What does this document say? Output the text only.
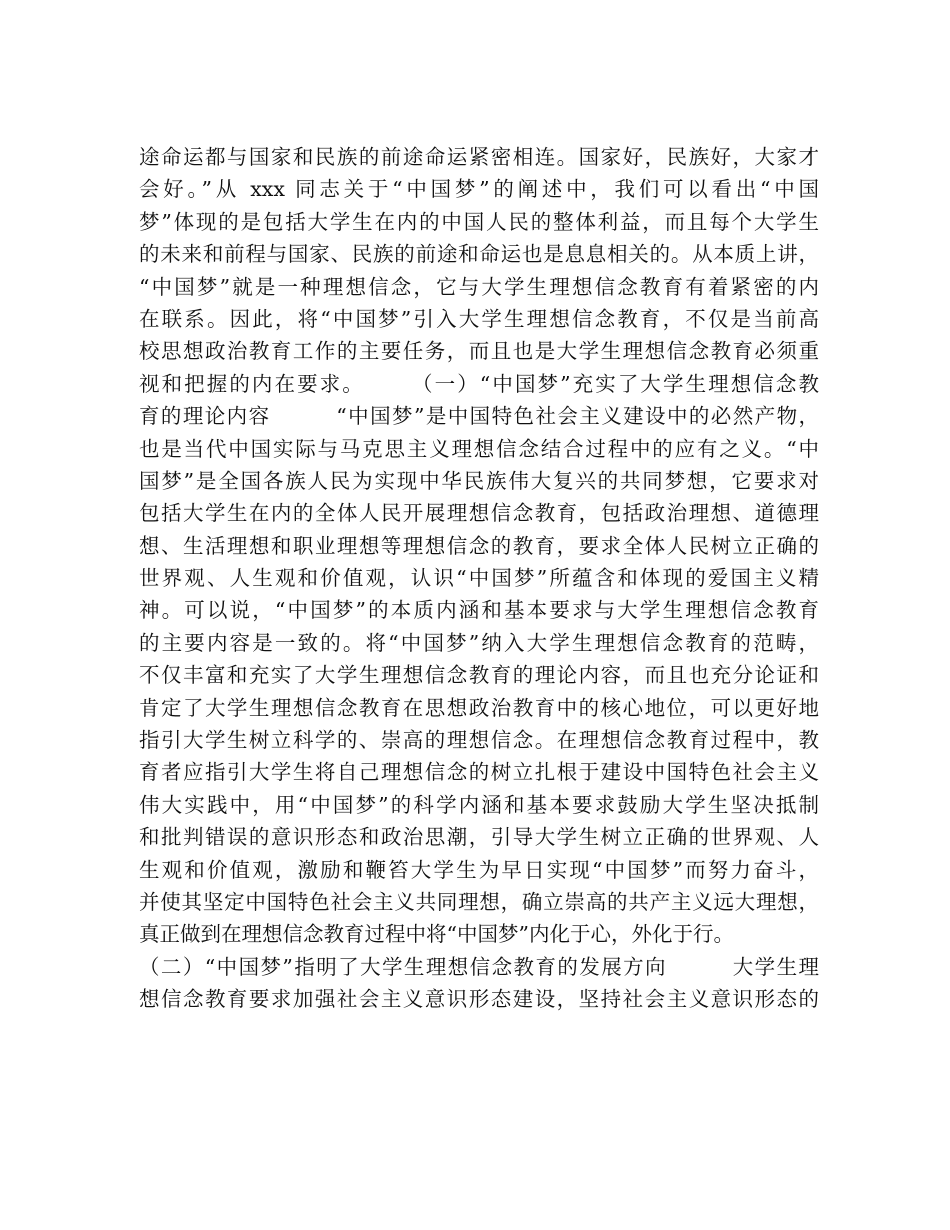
途命运都与国家和民族的前途命运紧密相连。国家好，民族好，大家才
会好。”从 xxx 同志关于“中国梦”的阐述中，我们可以看出“中国
梦”体现的是包括大学生在内的中国人民的整体利益，而且每个大学生
的未来和前程与国家、民族的前途和命运也是息息相关的。从本质上讲，
“中国梦”就是一种理想信念，它与大学生理想信念教育有着紧密的内
在联系。因此，将“中国梦”引入大学生理想信念教育，不仅是当前高
校思想政治教育工作的主要任务，而且也是大学生理想信念教育必须重
视和把握的内在要求。　　　（一）“中国梦”充实了大学生理想信念教
育的理论内容　　　“中国梦”是中国特色社会主义建设中的必然产物，
也是当代中国实际与马克思主义理想信念结合过程中的应有之义。“中
国梦”是全国各族人民为实现中华民族伟大复兴的共同梦想，它要求对
包括大学生在内的全体人民开展理想信念教育，包括政治理想、道德理
想、生活理想和职业理想等理想信念的教育，要求全体人民树立正确的
世界观、人生观和价值观，认识“中国梦”所蕴含和体现的爱国主义精
神。可以说，“中国梦”的本质内涵和基本要求与大学生理想信念教育
的主要内容是一致的。将“中国梦”纳入大学生理想信念教育的范畴，
不仅丰富和充实了大学生理想信念教育的理论内容，而且也充分论证和
肯定了大学生理想信念教育在思想政治教育中的核心地位，可以更好地
指引大学生树立科学的、崇高的理想信念。在理想信念教育过程中，教
育者应指引大学生将自己理想信念的树立扎根于建设中国特色社会主义
伟大实践中，用“中国梦”的科学内涵和基本要求鼓励大学生坚决抵制
和批判错误的意识形态和政治思潮，引导大学生树立正确的世界观、人
生观和价值观，激励和鞭笞大学生为早日实现“中国梦”而努力奋斗，
并使其坚定中国特色社会主义共同理想，确立崇高的共产主义远大理想，
真正做到在理想信念教育过程中将“中国梦”内化于心，外化于行。
（二）“中国梦”指明了大学生理想信念教育的发展方向　　　大学生理
想信念教育要求加强社会主义意识形态建设，坚持社会主义意识形态的
